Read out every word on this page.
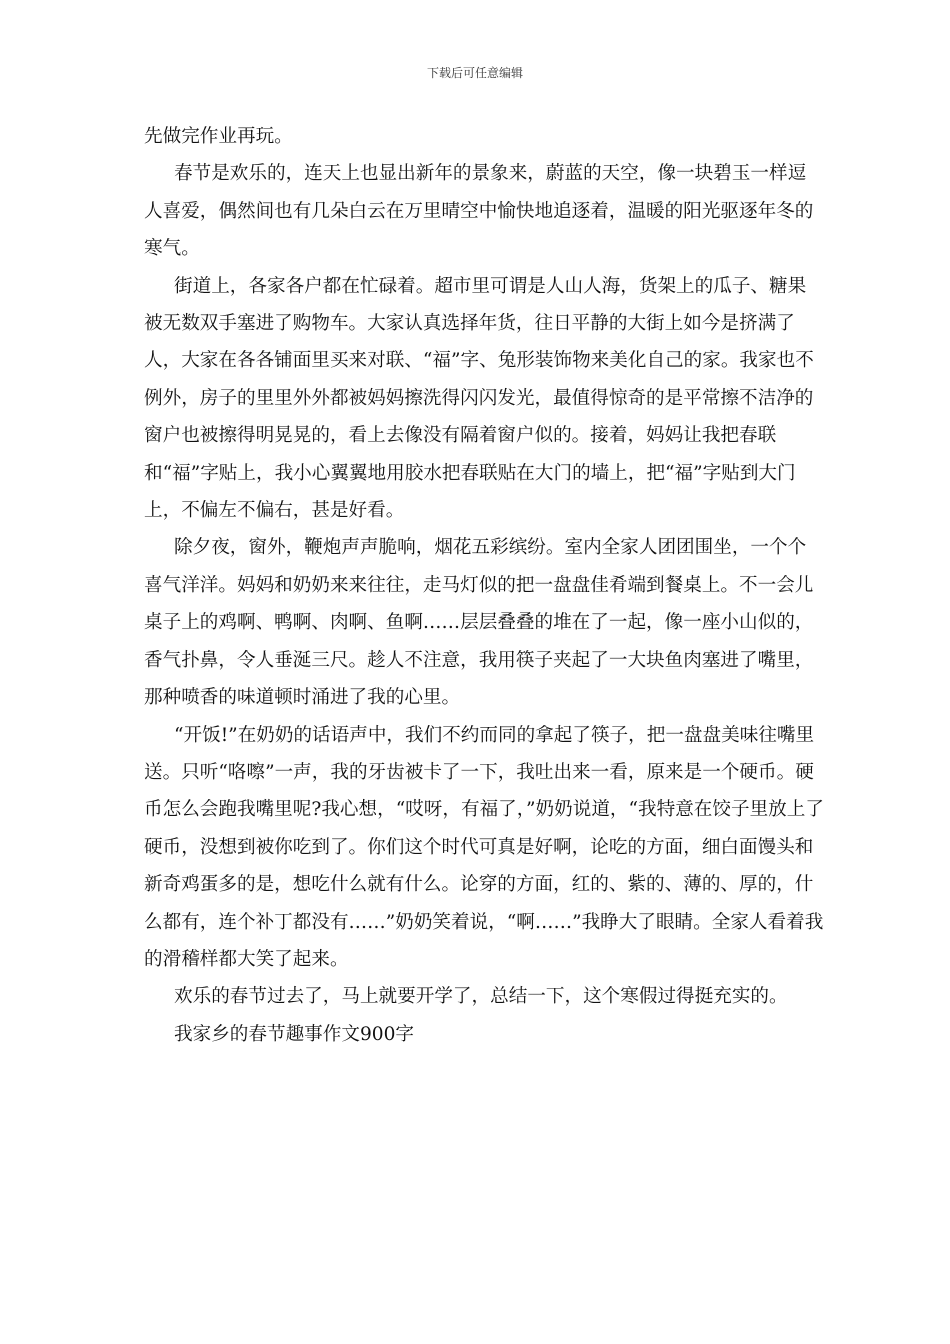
下载后可任意编辑

先做完作业再玩。

春节是欢乐的，连天上也显出新年的景象来，蔚蓝的天空，像一块碧玉一样逗人喜爱，偶然间也有几朵白云在万里晴空中愉快地追逐着，温暖的阳光驱逐年冬的寒气。

街道上，各家各户都在忙碌着。超市里可谓是人山人海，货架上的瓜子、糖果被无数双手塞进了购物车。大家认真选择年货，往日平静的大街上如今是挤满了人，大家在各各铺面里买来对联、“福”字、兔形装饰物来美化自己的家。我家也不例外，房子的里里外外都被妈妈擦洗得闪闪发光，最值得惊奇的是平常擦不洁净的窗户也被擦得明晃晃的，看上去像没有隔着窗户似的。接着，妈妈让我把春联和“福”字贴上，我小心翼翼地用胶水把春联贴在大门的墙上，把“福”字贴到大门上，不偏左不偏右，甚是好看。

除夕夜，窗外，鞭炮声声脆响，烟花五彩缤纷。室内全家人团团围坐，一个个喜气洋洋。妈妈和奶奶来来往往，走马灯似的把一盘盘佳肴端到餐桌上。不一会儿桌子上的鸡啊、鸭啊、肉啊、鱼啊……层层叠叠的堆在了一起，像一座小山似的，香气扑鼻，令人垂涎三尺。趁人不注意，我用筷子夹起了一大块鱼肉塞进了嘴里，那种喷香的味道顿时涌进了我的心里。

“开饭!”在奶奶的话语声中，我们不约而同的拿起了筷子，把一盘盘美味往嘴里送。只听“咯嚓”一声，我的牙齿被卡了一下，我吐出来一看，原来是一个硬币。硬币怎么会跑我嘴里呢?我心想，“哎呀，有福了，”奶奶说道，“我特意在饺子里放上了硬币，没想到被你吃到了。你们这个时代可真是好啊，论吃的方面，细白面馒头和新奇鸡蛋多的是，想吃什么就有什么。论穿的方面，红的、紫的、薄的、厚的，什么都有，连个补丁都没有……”奶奶笑着说，“啊……”我睁大了眼睛。全家人看着我的滑稽样都大笑了起来。

欢乐的春节过去了，马上就要开学了，总结一下，这个寒假过得挺充实的。

我家乡的春节趣事作文900字
